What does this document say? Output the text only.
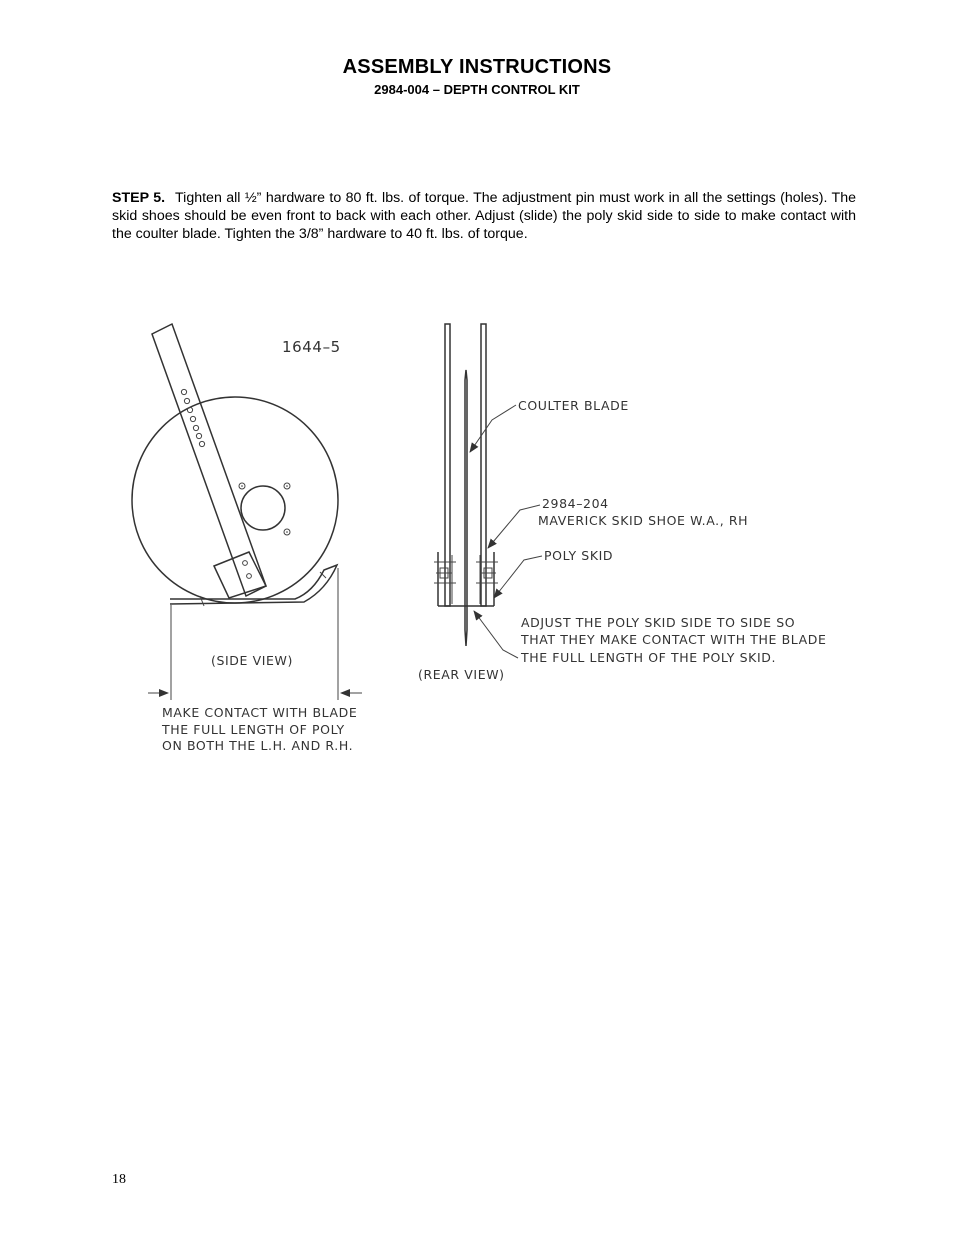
ASSEMBLY INSTRUCTIONS
2984-004 – DEPTH CONTROL KIT
STEP 5. Tighten all ½” hardware to 80 ft. lbs. of torque. The adjustment pin must work in all the settings (holes). The skid shoes should be even front to back with each other. Adjust (slide) the poly skid side to side to make contact with the coulter blade. Tighten the 3/8” hardware to 40 ft. lbs. of torque.
1644–5
(SIDE VIEW)
MAKE CONTACT WITH BLADE
THE FULL LENGTH OF POLY
ON BOTH THE L.H. AND R.H.
COULTER BLADE
2984–204
MAVERICK SKID SHOE W.A., RH
POLY SKID
ADJUST THE POLY SKID SIDE TO SIDE SO
THAT THEY MAKE CONTACT WITH THE BLADE
THE FULL LENGTH OF THE POLY SKID.
(REAR VIEW)
18
